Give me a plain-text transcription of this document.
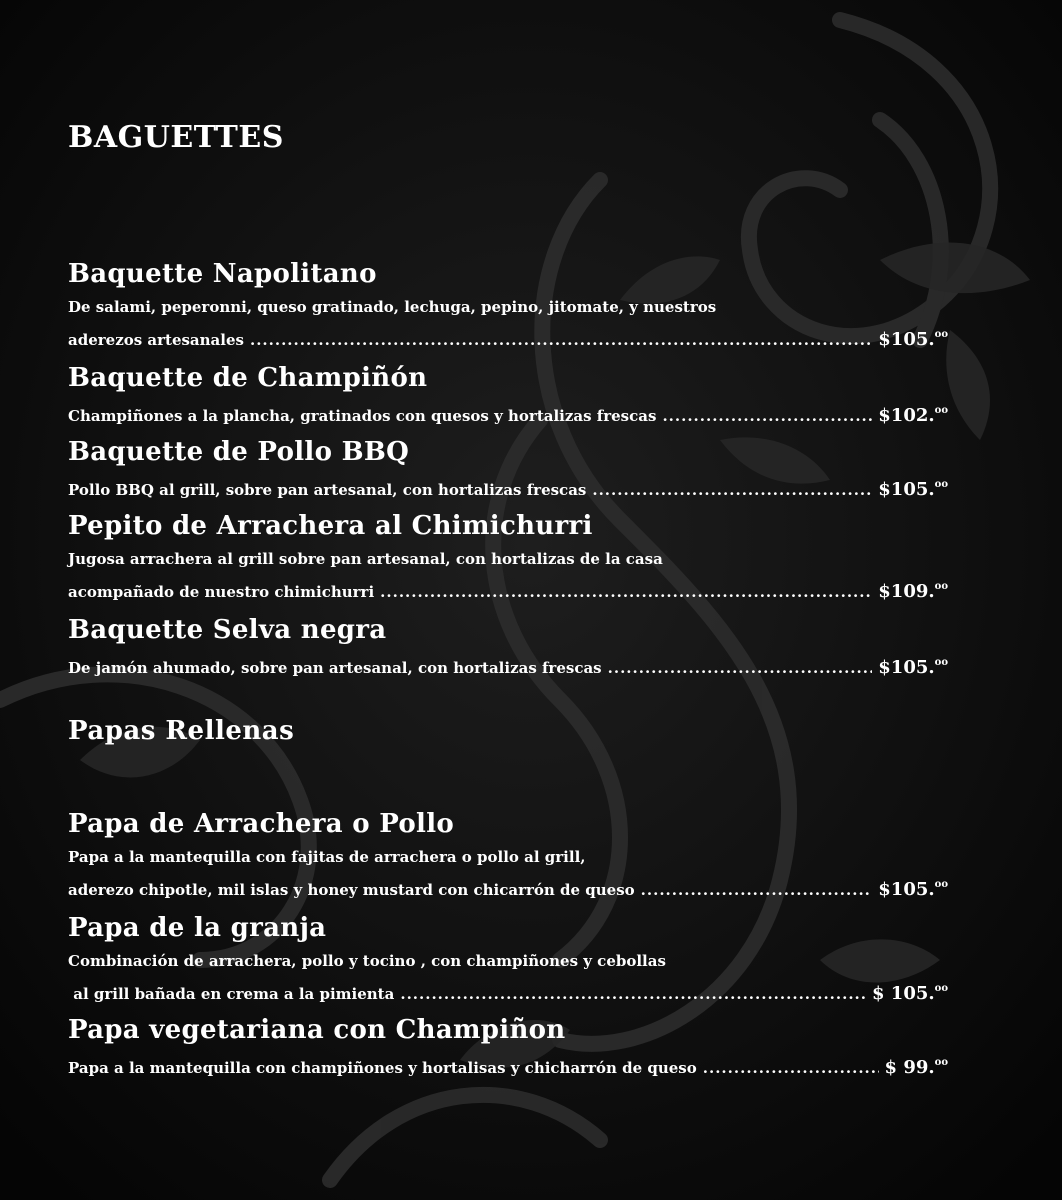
BAGUETTES
Baquette Napolitano
De salami, peperonni, queso gratinado, lechuga, pepino, jitomate, y nuestros
aderezos artesanales .....	$105.$^{oo}$
Baquette de Champiñón
Champiñones a la plancha, gratinados con quesos y hortalizas frescas .....	$102.$^{oo}$
Baquette de Pollo BBQ
Pollo BBQ al grill, sobre pan artesanal, con hortalizas frescas .....	$105.$^{oo}$
Pepito de Arrachera al Chimichurri
Jugosa arrachera al grill sobre pan artesanal, con hortalizas de la casa
acompañado de nuestro chimichurri .....	$109.$^{oo}$
Baquette Selva negra
De jamón ahumado, sobre pan artesanal, con hortalizas frescas .....	$105.$^{oo}$
Papas Rellenas
Papa de Arrachera o Pollo
Papa a la mantequilla con fajitas de arrachera o pollo al grill,
aderezo chipotle, mil islas y honey mustard con chicarrón de queso .....	$105.$^{oo}$
Papa de la granja
Combinación de arrachera, pollo y tocino , con champiñones y cebollas
al grill bañada en crema a la pimienta .....	$ 105.$^{oo}$
Papa vegetariana con Champiñon
Papa a la mantequilla con champiñones y hortalisas y chicharrón de queso .....	$ 99.$^{oo}$
